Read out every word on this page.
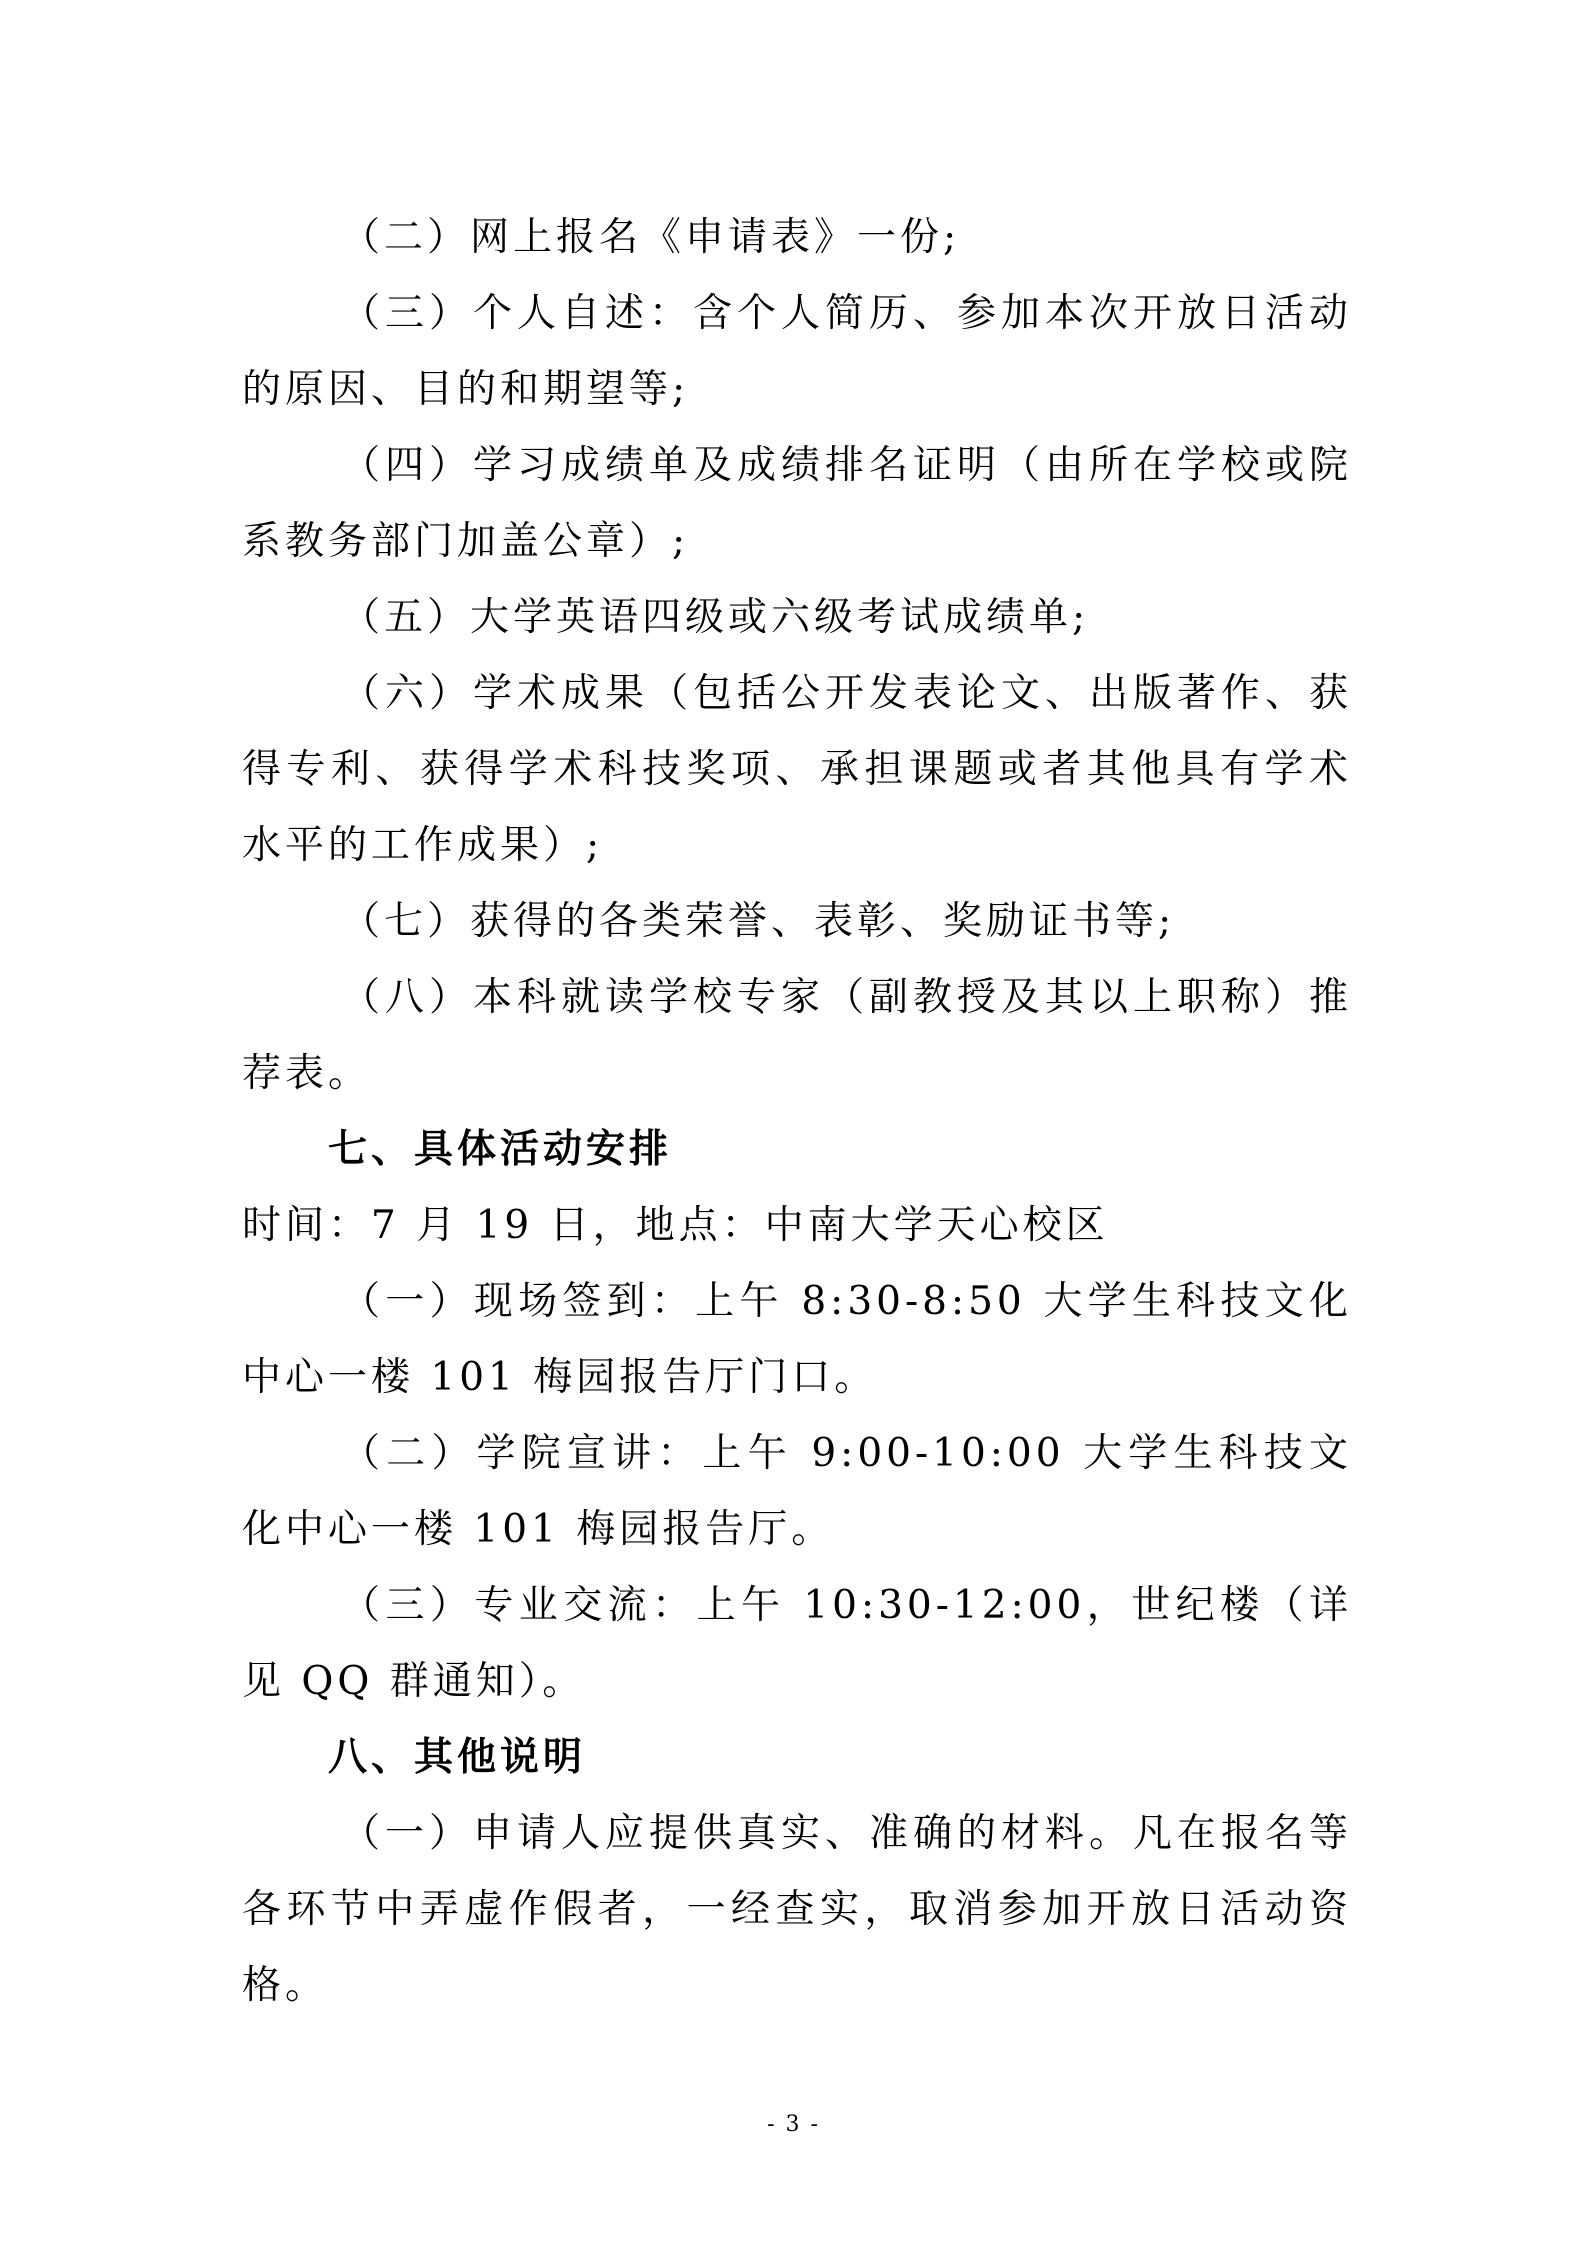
（二）网上报名《申请表》一份;

（三）个人自述：含个人简历、参加本次开放日活动的原因、目的和期望等;

（四）学习成绩单及成绩排名证明（由所在学校或院系教务部门加盖公章）;

（五）大学英语四级或六级考试成绩单;

（六）学术成果（包括公开发表论文、出版著作、获得专利、获得学术科技奖项、承担课题或者其他具有学术水平的工作成果）;

（七）获得的各类荣誉、表彰、奖励证书等;

（八）本科就读学校专家（副教授及其以上职称）推荐表。

七、具体活动安排

时间：7 月 19 日，地点：中南大学天心校区

（一）现场签到：上午 8:30-8:50 大学生科技文化中心一楼 101 梅园报告厅门口。

（二）学院宣讲：上午 9:00-10:00 大学生科技文化中心一楼 101 梅园报告厅。

（三）专业交流：上午 10:30-12:00，世纪楼（详见 QQ 群通知）。

八、其他说明

（一）申请人应提供真实、准确的材料。凡在报名等各环节中弄虚作假者，一经查实，取消参加开放日活动资格。

- 3 -
